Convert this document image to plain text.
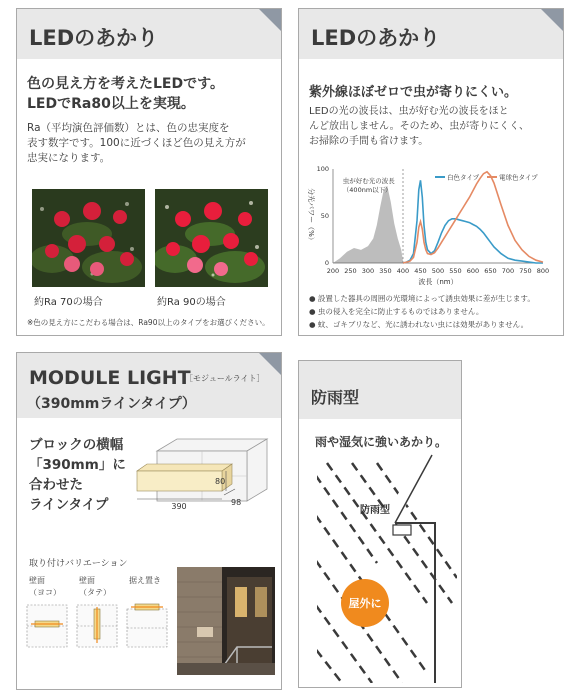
LEDのあかり
色の見え方を考えたLEDです。
LEDでRa80以上を実現。
Ra（平均演色評価数）とは、色の忠実度を
表す数字です。100に近づくほど色の見え方が
忠実になります。
約Ra 70の場合	約Ra 90の場合
※色の見え方にこだわる場合は、Ra90以上のタイプをお選びください。
LEDのあかり
紫外線ほぼゼロで虫が寄りにくい。
LEDの光の波長は、虫が好む光の波長をほと
んど放出しません。そのため、虫が寄りにくく、
お掃除の手間も省けます。
200 250 300 350 400 450 500 550 600 650 700 750 800
0
50
100
波長（nm）
分光パワー（%）
虫が好む光の波長
（400nm以下）
白色タイプ	電球色タイプ
● 設置した器具の周囲の光環境によって誘虫効果に差が生じます。
● 虫の侵入を完全に防止するものではありません。
● 蚊、ゴキブリなど、光に誘われない虫には効果がありません。
MODULE LIGHT
［モジュールライト］
（390mmラインタイプ）
ブロックの横幅
「390mm」に
合わせた
ラインタイプ	390
80
98
取り付けバリエーション
壁面
（ヨコ）
壁面
（タテ）
据え置き
防雨型
雨や湿気に強いあかり。
防雨型
屋外に
